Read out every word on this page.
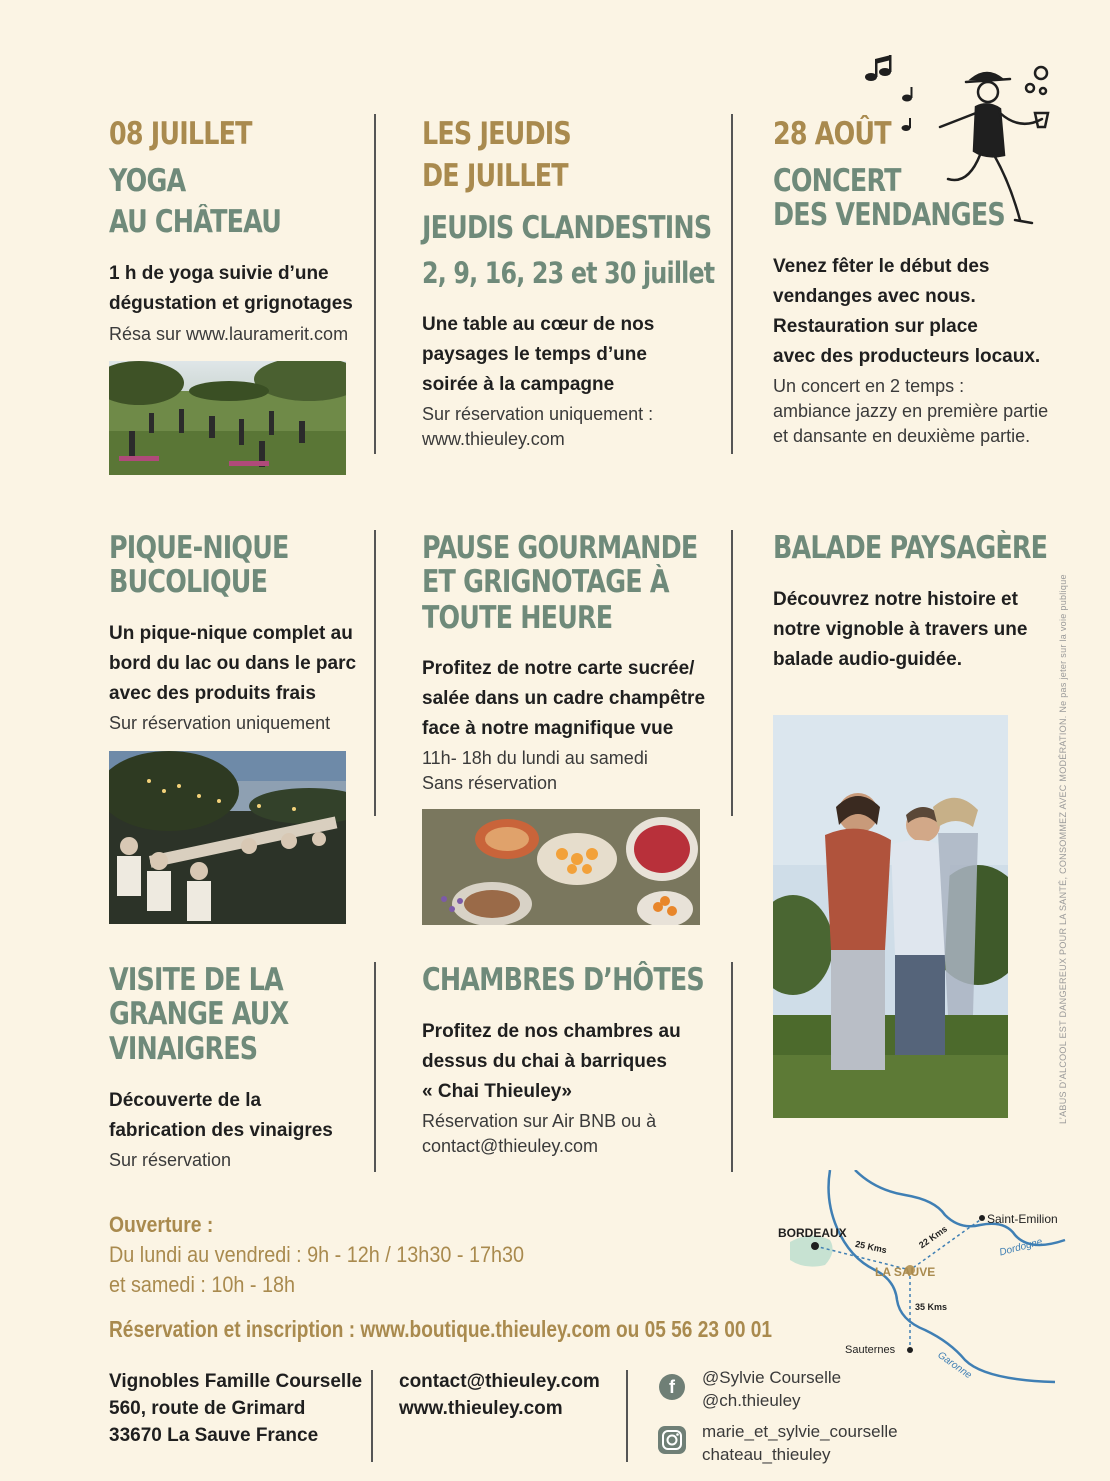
08 JUILLET
YOGA
AU CHÂTEAU
1 h de yoga suivie d’une
dégustation et grignotages
Résa sur www.lauramerit.com
LES JEUDIS
DE JUILLET
JEUDIS CLANDESTINS
2, 9, 16, 23 et 30 juillet
Une table au cœur de nos
paysages le temps d’une
soirée à la campagne
Sur réservation uniquement :
www.thieuley.com
28 AOÛT
CONCERT
DES VENDANGES
Venez fêter le début des
vendanges avec nous.
Restauration sur place
avec des producteurs locaux.
Un concert en 2 temps :
ambiance jazzy en première partie
et dansante en deuxième partie.
PIQUE-NIQUE
BUCOLIQUE
Un pique-nique complet au
bord du lac ou dans le parc
avec des produits frais
Sur réservation uniquement
PAUSE GOURMANDE
ET GRIGNOTAGE À
TOUTE HEURE
Profitez de notre carte sucrée/
salée dans un cadre champêtre
face à notre magnifique vue
11h- 18h du lundi au samedi
Sans réservation
BALADE PAYSAGÈRE
Découvrez notre histoire et
notre vignoble à travers une
balade audio-guidée.	L’ABUS D’ALCOOL EST DANGEREUX POUR LA SANTÉ, CONSOMMEZ AVEC MODÉRATION. Ne pas jeter sur la voie publique
VISITE DE LA
GRANGE AUX
VINAIGRES
Découverte de la
fabrication des vinaigres
Sur réservation
CHAMBRES D’HÔTES
Profitez de nos chambres au
dessus du chai à barriques
« Chai Thieuley»
Réservation sur Air BNB ou à
contact@thieuley.com
Ouverture :
Du lundi au vendredi : 9h - 12h / 13h30 - 17h30
et samedi : 10h - 18h
Réservation et inscription : www.boutique.thieuley.com ou 05 56 23 00 01
BORDEAUX
Saint-Emilion
LA SAUVE
Sauternes
Dordogne
Garonne
25 Kms	22 Kms
35 Kms
Vignobles Famille Courselle
560, route de Grimard
33670 La Sauve France
contact@thieuley.com
www.thieuley.com
f	@Sylvie Courselle
@ch.thieuley
marie_et_sylvie_courselle
chateau_thieuley
